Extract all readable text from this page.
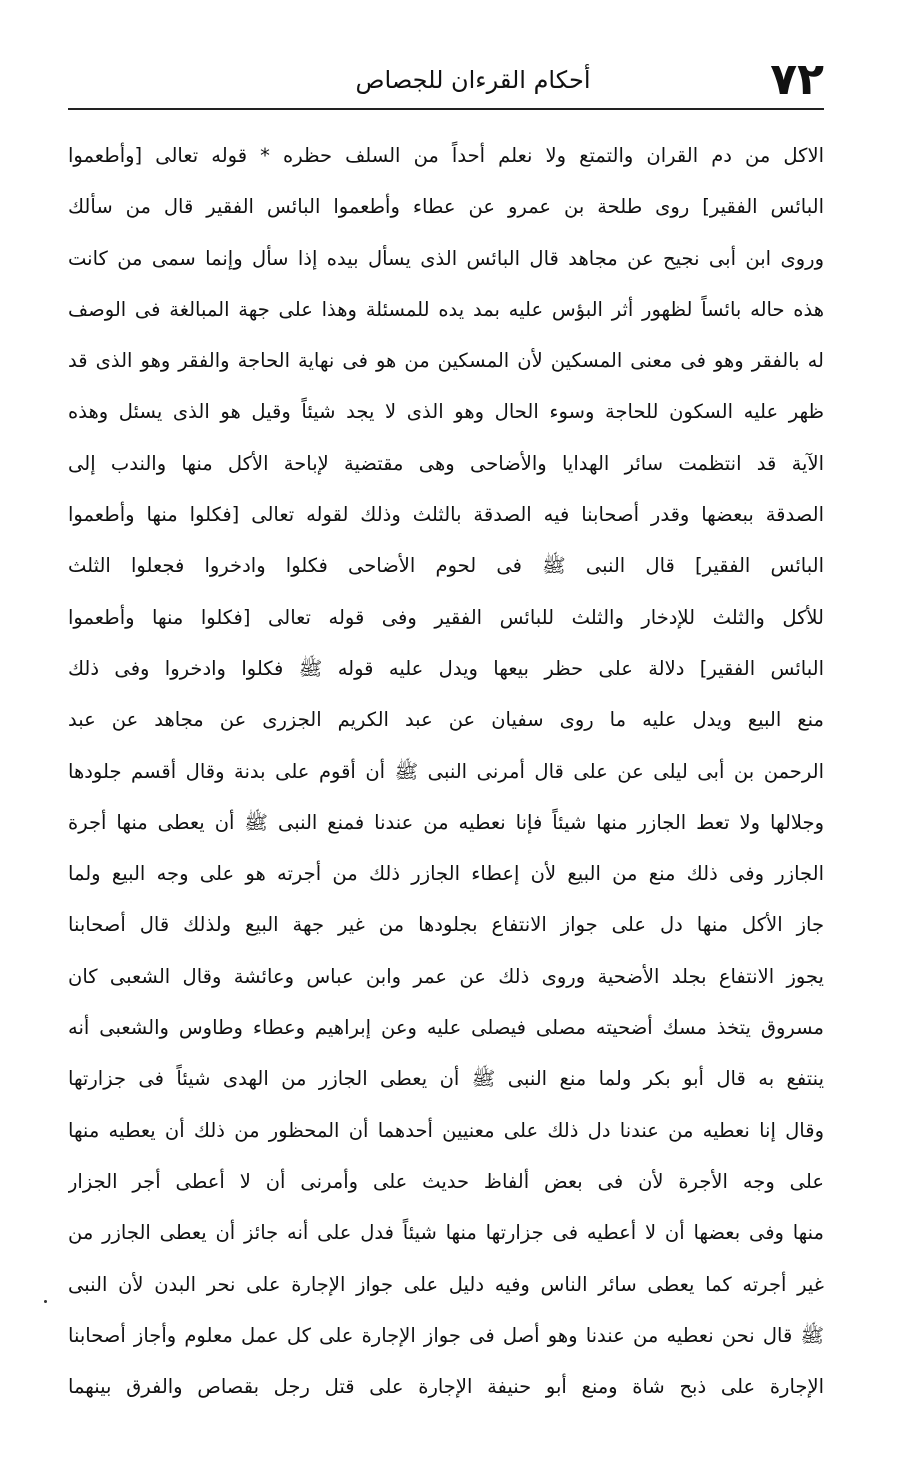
٧٢
أحكام القرءان للجصاص
الاكل من دم القران والتمتع ولا نعلم أحداً من السلف حظره * قوله تعالى [وأطعموا
البائس الفقير] روى طلحة بن عمرو عن عطاء وأطعموا البائس الفقير قال من سألك
وروى ابن أبى نجيح عن مجاهد قال البائس الذى يسأل بيده إذا سأل وإنما سمى من كانت
هذه حاله بائساً لظهور أثر البؤس عليه بمد يده للمسئلة وهذا على جهة المبالغة فى الوصف
له بالفقر وهو فى معنى المسكين لأن المسكين من هو فى نهاية الحاجة والفقر وهو الذى قد
ظهر عليه السكون للحاجة وسوء الحال وهو الذى لا يجد شيئاً وقيل هو الذى يسئل وهذه
الآية قد انتظمت سائر الهدايا والأضاحى وهى مقتضية لإباحة الأكل منها والندب إلى
الصدقة ببعضها وقدر أصحابنا فيه الصدقة بالثلث وذلك لقوله تعالى [فكلوا منها وأطعموا
البائس الفقير] قال النبى ﷺ فى لحوم الأضاحى فكلوا وادخروا فجعلوا الثلث
للأكل والثلث للإدخار والثلث للبائس الفقير وفى قوله تعالى [فكلوا منها وأطعموا
البائس الفقير] دلالة على حظر بيعها ويدل عليه قوله ﷺ فكلوا وادخروا وفى ذلك
منع البيع ويدل عليه ما روى سفيان عن عبد الكريم الجزرى عن مجاهد عن عبد
الرحمن بن أبى ليلى عن على قال أمرنى النبى ﷺ أن أقوم على بدنة وقال أقسم جلودها
وجلالها ولا تعط الجازر منها شيئاً فإنا نعطيه من عندنا فمنع النبى ﷺ أن يعطى منها أجرة
الجازر وفى ذلك منع من البيع لأن إعطاء الجازر ذلك من أجرته هو على وجه البيع ولما
جاز الأكل منها دل على جواز الانتفاع بجلودها من غير جهة البيع ولذلك قال أصحابنا
يجوز الانتفاع بجلد الأضحية وروى ذلك عن عمر وابن عباس وعائشة وقال الشعبى كان
مسروق يتخذ مسك أضحيته مصلى فيصلى عليه وعن إبراهيم وعطاء وطاوس والشعبى أنه
ينتفع به قال أبو بكر ولما منع النبى ﷺ أن يعطى الجازر من الهدى شيئاً فى جزارتها
وقال إنا نعطيه من عندنا دل ذلك على معنيين أحدهما أن المحظور من ذلك أن يعطيه منها
على وجه الأجرة لأن فى بعض ألفاظ حديث على وأمرنى أن لا أعطى أجر الجزار
منها وفى بعضها أن لا أعطيه فى جزارتها منها شيئاً فدل على أنه جائز أن يعطى الجازر من
غير أجرته كما يعطى سائر الناس وفيه دليل على جواز الإجارة على نحر البدن لأن النبى
ﷺ قال نحن نعطيه من عندنا وهو أصل فى جواز الإجارة على كل عمل معلوم وأجاز أصحابنا
الإجارة على ذبح شاة ومنع أبو حنيفة الإجارة على قتل رجل بقصاص والفرق بينهما
